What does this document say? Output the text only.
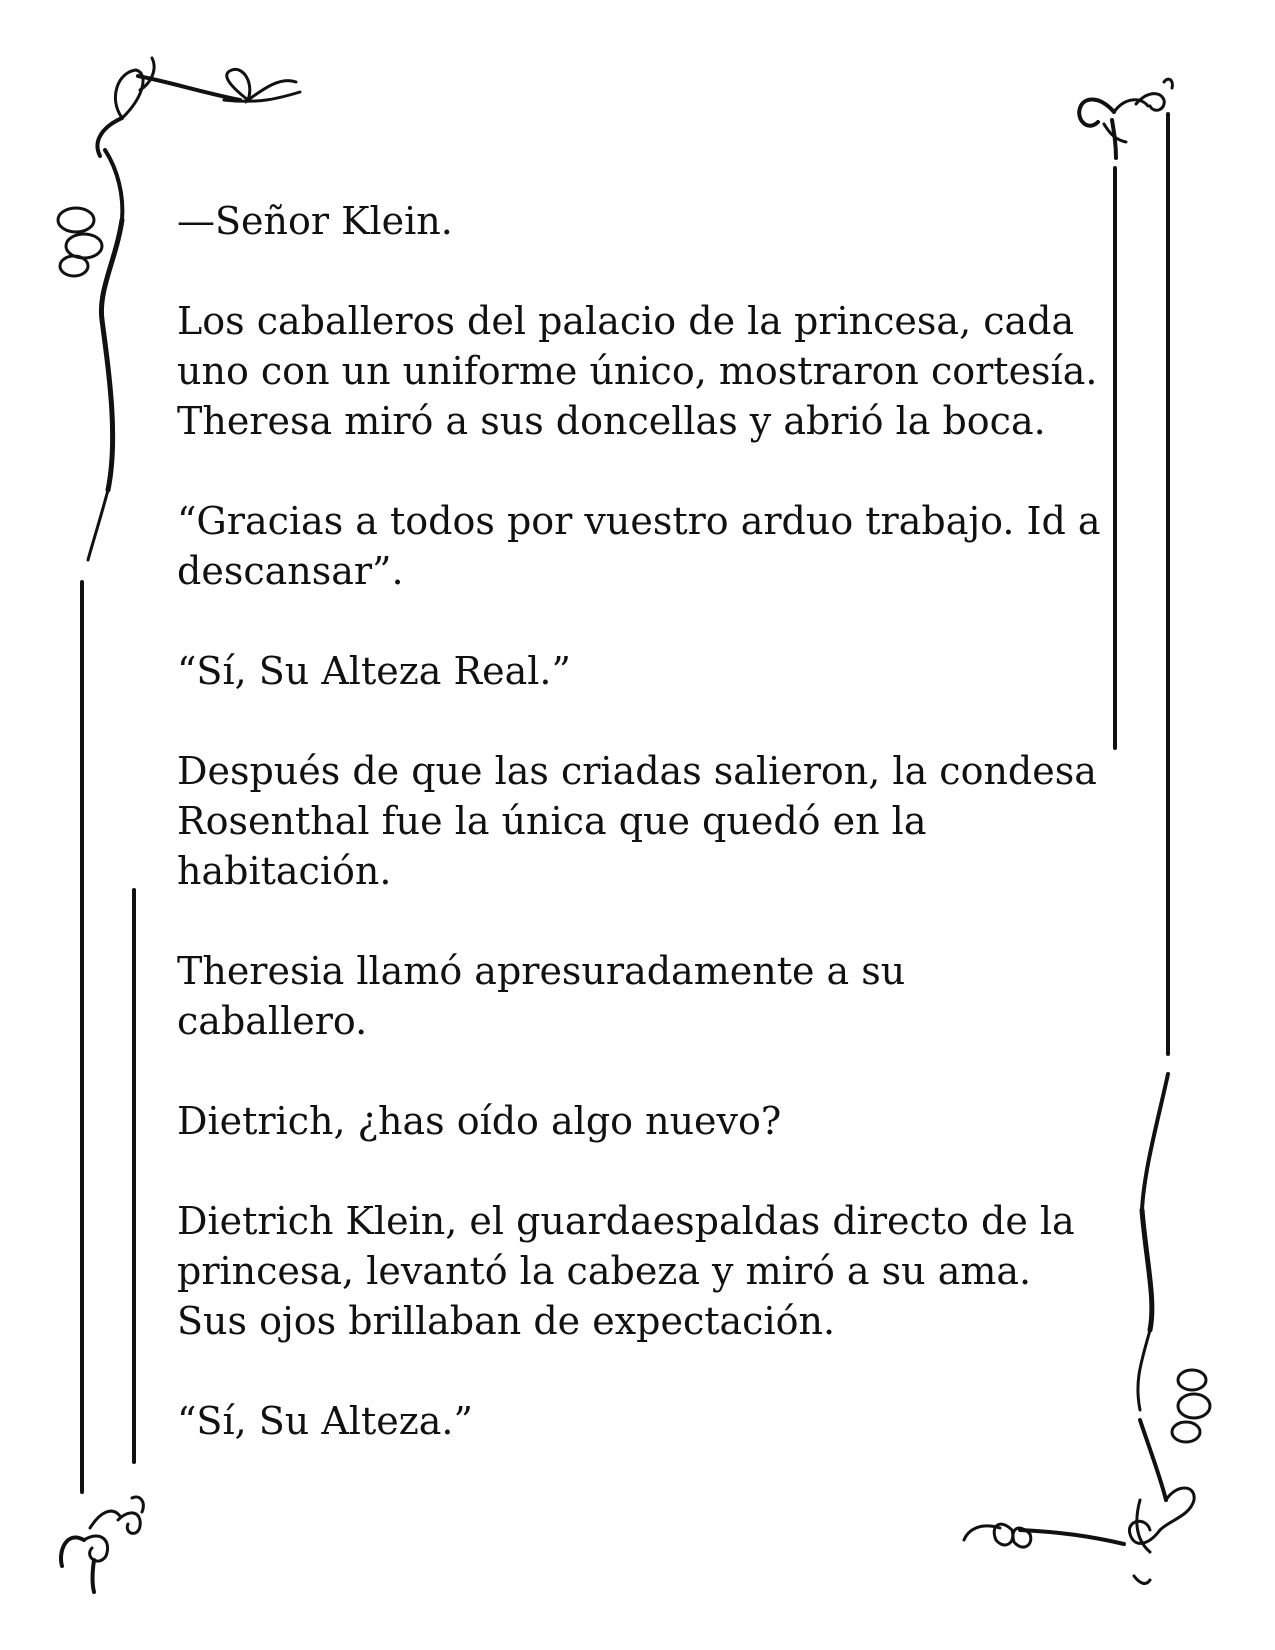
—Señor Klein.

Los caballeros del palacio de la princesa, cada
uno con un uniforme único, mostraron cortesía.
Theresa miró a sus doncellas y abrió la boca.

“Gracias a todos por vuestro arduo trabajo. Id a
descansar”.

“Sí, Su Alteza Real.”

Después de que las criadas salieron, la condesa
Rosenthal fue la única que quedó en la
habitación.

Theresia llamó apresuradamente a su
caballero.

Dietrich, ¿has oído algo nuevo?

Dietrich Klein, el guardaespaldas directo de la
princesa, levantó la cabeza y miró a su ama.
Sus ojos brillaban de expectación.

“Sí, Su Alteza.”
